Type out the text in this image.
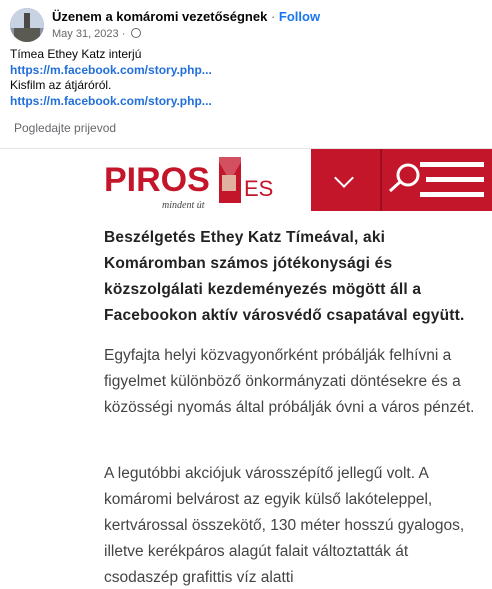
Üzenem a komáromi vezetőségnek · Follow
May 31, 2023 ·
Tímea Ethey Katz interjú
https://m.facebook.com/story.php...
Kisfilm az átjáróról.
https://m.facebook.com/story.php...
Pogledajte prijevod
PIROS ES
mindent út
Beszélgetés Ethey Katz Tímeával, aki Komáromban számos jótékonysági és közszolgálati kezdeményezés mögött áll a Facebookon aktív városvédő csapatával együtt.
Egyfajta helyi közvagyonőrként próbálják felhívni a figyelmet különböző önkormányzati döntésekre és a közösségi nyomás által próbálják óvni a város pénzét.
A legutóbbi akciójuk városszépítő jellegű volt. A komáromi belvárost az egyik külső lakóteleppel, kertvárossal összekötő, 130 méter hosszú gyalogos, illetve kerékpáros alagút falait változtatták át csodaszép grafittis víz alatti
